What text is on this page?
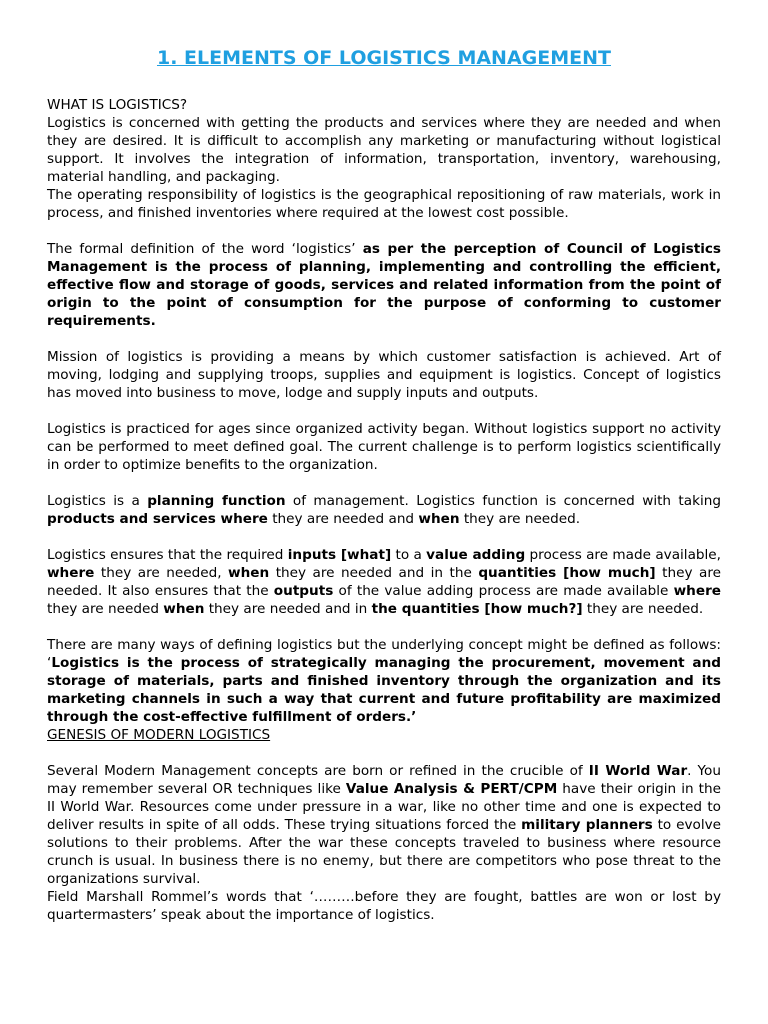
1. ELEMENTS OF LOGISTICS MANAGEMENT

WHAT IS LOGISTICS?

Logistics is concerned with getting the products and services where they are needed and when they are desired. It is difficult to accomplish any marketing or manufacturing without logistical support. It involves the integration of information, transportation, inventory, warehousing, material handling, and packaging.

The operating responsibility of logistics is the geographical repositioning of raw materials, work in process, and finished inventories where required at the lowest cost possible.

The formal definition of the word ‘logistics’ as per the perception of Council of Logistics Management is the process of planning, implementing and controlling the efficient, effective flow and storage of goods, services and related information from the point of origin to the point of consumption for the purpose of conforming to customer requirements.

Mission of logistics is providing a means by which customer satisfaction is achieved. Art of moving, lodging and supplying troops, supplies and equipment is logistics. Concept of logistics has moved into business to move, lodge and supply inputs and outputs.

Logistics is practiced for ages since organized activity began. Without logistics support no activity can be performed to meet defined goal. The current challenge is to perform logistics scientifically in order to optimize benefits to the organization.

Logistics is a planning function of management. Logistics function is concerned with taking products and services where they are needed and when they are needed.

Logistics ensures that the required inputs [what] to a value adding process are made available, where they are needed, when they are needed and in the quantities [how much] they are needed. It also ensures that the outputs of the value adding process are made available where they are needed when they are needed and in the quantities [how much?] they are needed.

There are many ways of defining logistics but the underlying concept might be defined as follows: ‘Logistics is the process of strategically managing the procurement, movement and storage of materials, parts and finished inventory through the organization and its marketing channels in such a way that current and future profitability are maximized through the cost-effective fulfillment of orders.’

GENESIS OF MODERN LOGISTICS

Several Modern Management concepts are born or refined in the crucible of II World War. You may remember several OR techniques like Value Analysis & PERT/CPM have their origin in the II World War. Resources come under pressure in a war, like no other time and one is expected to deliver results in spite of all odds. These trying situations forced the military planners to evolve solutions to their problems. After the war these concepts traveled to business where resource crunch is usual. In business there is no enemy, but there are competitors who pose threat to the organizations survival.

Field Marshall Rommel’s words that ‘………before they are fought, battles are won or lost by quartermasters’ speak about the importance of logistics.
